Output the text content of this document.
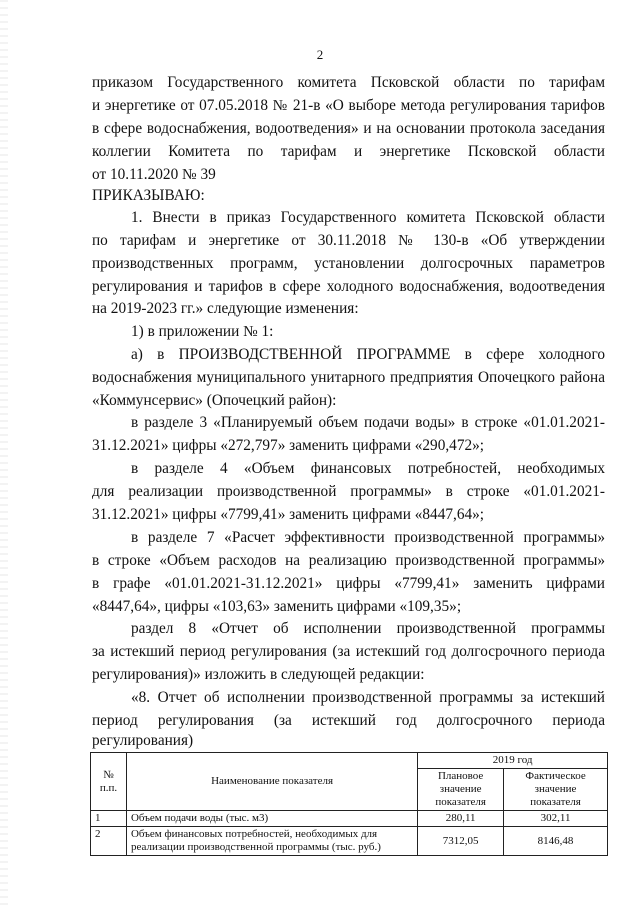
2
приказом Государственного комитета Псковской области по тарифам
и энергетике от 07.05.2018 № 21-в «О выборе метода регулирования тарифов
в сфере водоснабжения, водоотведения» и на основании протокола заседания
коллегии Комитета по тарифам и энергетике Псковской области
от 10.11.2020 № 39
ПРИКАЗЫВАЮ:
1. Внести в приказ Государственного комитета Псковской области
по тарифам и энергетике от 30.11.2018 № 130-в «Об утверждении
производственных программ, установлении долгосрочных параметров
регулирования и тарифов в сфере холодного водоснабжения, водоотведения
на 2019-2023 гг.» следующие изменения:
1) в приложении № 1:
а) в ПРОИЗВОДСТВЕННОЙ ПРОГРАММЕ в сфере холодного
водоснабжения муниципального унитарного предприятия Опочецкого района
«Коммунсервис» (Опочецкий район):
в разделе 3 «Планируемый объем подачи воды» в строке «01.01.2021-
31.12.2021» цифры «272,797» заменить цифрами «290,472»;
в разделе 4 «Объем финансовых потребностей, необходимых
для реализации производственной программы» в строке «01.01.2021-
31.12.2021» цифры «7799,41» заменить цифрами «8447,64»;
в разделе 7 «Расчет эффективности производственной программы»
в строке «Объем расходов на реализацию производственной программы»
в графе «01.01.2021-31.12.2021» цифры «7799,41» заменить цифрами
«8447,64», цифры «103,63» заменить цифрами «109,35»;
раздел 8 «Отчет об исполнении производственной программы
за истекший период регулирования (за истекший год долгосрочного периода
регулирования)» изложить в следующей редакции:
«8. Отчет об исполнении производственной программы за истекший
период регулирования (за истекший год долгосрочного периода
регулирования)
№ п.п.	Наименование показателя	2019 год	
		Плановое значение показателя	Фактическое значение показателя
1	Объем подачи воды (тыс. м3)	280,11	302,11
2	Объем финансовых потребностей, необходимых для реализации производственной программы (тыс. руб.)	7312,05	8146,48
